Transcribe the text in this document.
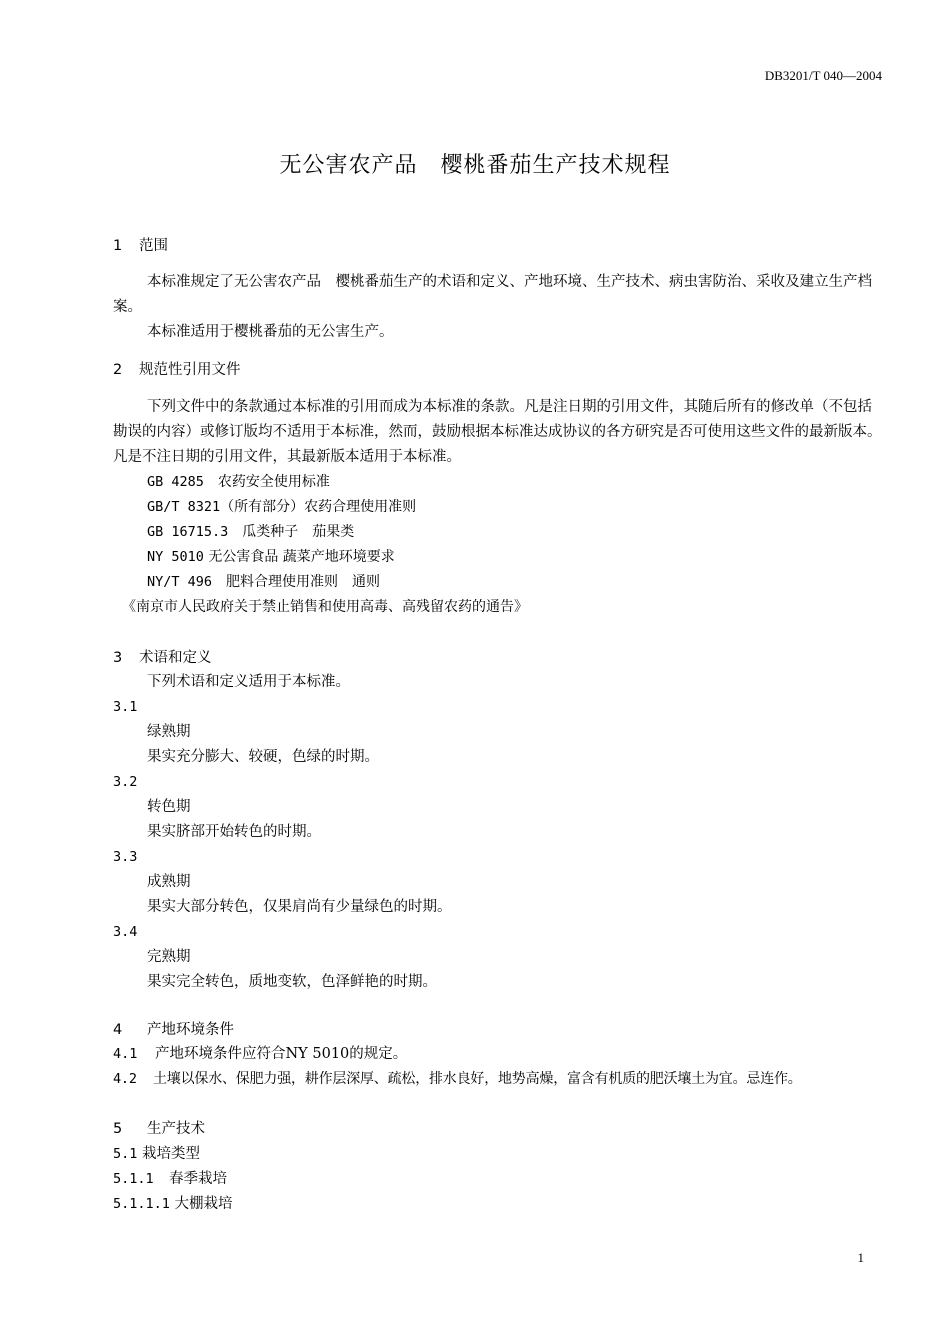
DB3201/T 040—2004
无公害农产品　樱桃番茄生产技术规程
1 范围
本标准规定了无公害农产品　樱桃番茄生产的术语和定义、产地环境、生产技术、病虫害防治、采收及建立生产档案。
本标准适用于樱桃番茄的无公害生产。
2 规范性引用文件
下列文件中的条款通过本标准的引用而成为本标准的条款。凡是注日期的引用文件，其随后所有的修改单（不包括勘误的内容）或修订版均不适用于本标准，然而，鼓励根据本标准达成协议的各方研究是否可使用这些文件的最新版本。凡是不注日期的引用文件，其最新版本适用于本标准。
GB 4285　农药安全使用标准
GB/T 8321（所有部分）农药合理使用准则
GB 16715.3　瓜类种子　茄果类
NY 5010 无公害食品 蔬菜产地环境要求
NY/T 496　肥料合理使用准则　通则
《南京市人民政府关于禁止销售和使用高毒、高残留农药的通告》
3 术语和定义
下列术语和定义适用于本标准。
3.1
绿熟期
果实充分膨大、较硬，色绿的时期。
3.2
转色期
果实脐部开始转色的时期。
3.3
成熟期
果实大部分转色，仅果肩尚有少量绿色的时期。
3.4
完熟期
果实完全转色，质地变软，色泽鲜艳的时期。
4 产地环境条件
4.1 产地环境条件应符合NY 5010的规定。
4.2 土壤以保水、保肥力强，耕作层深厚、疏松，排水良好，地势高燥，富含有机质的肥沃壤土为宜。忌连作。
5 生产技术
5.1 栽培类型
5.1.1 春季栽培
5.1.1.1 大棚栽培
1
